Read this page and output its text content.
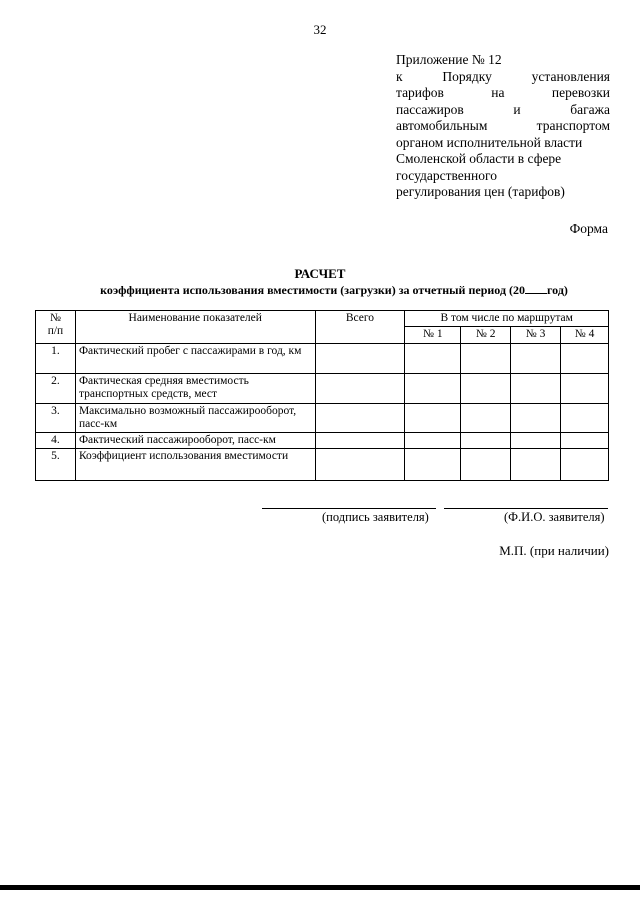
32
Приложение № 12
к	Порядку	установления
тарифов	на	перевозки
пассажиров	и	багажа
автомобильным	транспортом
органом исполнительной власти
Смоленской области в сфере
государственного
регулирования цен (тарифов)
Форма
РАСЧЕТ
коэффициента использования вместимости (загрузки) за отчетный период (20 год)
№
п/п	Наименование показателей	Всего	В том числе по маршрутам			
			№ 1	№ 2	№ 3	№ 4
1.	Фактический пробег с пассажирами в год, км					
2.	Фактическая средняя вместимость транспортных средств, мест					
3.	Максимально возможный пассажирооборот, пасс-км					
4.	Фактический пассажирооборот, пасс-км					
5.	Коэффициент использования вместимости					
(подпись заявителя)	(Ф.И.О. заявителя)
М.П. (при наличии)
